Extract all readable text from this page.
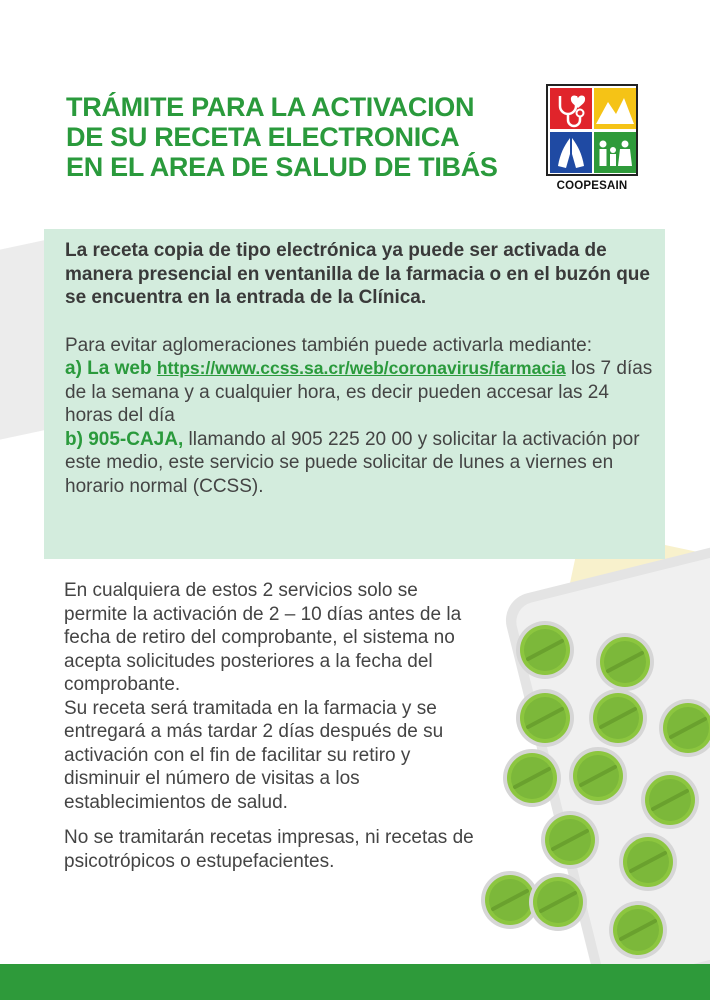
TRÁMITE PARA LA ACTIVACION
DE SU RECETA ELECTRONICA
EN EL AREA DE SALUD DE TIBÁS
COOPESAIN

La receta copia de tipo electrónica ya puede ser activada de manera presencial en ventanilla de la farmacia o en el buzón que se encuentra en la entrada de la Clínica.

Para evitar aglomeraciones también puede activarla mediante:

a) La web https://www.ccss.sa.cr/web/coronavirus/farmacia los 7 días de la semana y a cualquier hora, es decir pueden accesar las 24 horas del día

b) 905-CAJA, llamando al 905 225 20 00 y solicitar la activación por este medio, este servicio se puede solicitar de lunes a viernes en horario normal (CCSS).

En cualquiera de estos 2 servicios solo se permite la activación de 2 – 10 días antes de la fecha de retiro del comprobante, el sistema no acepta solicitudes posteriores a la fecha del comprobante.

Su receta será tramitada en la farmacia y se entregará a más tardar 2 días después de su activación con el fin de facilitar su retiro y disminuir el número de visitas a los establecimientos de salud.

No se tramitarán recetas impresas, ni recetas de psicotrópicos o estupefacientes.
